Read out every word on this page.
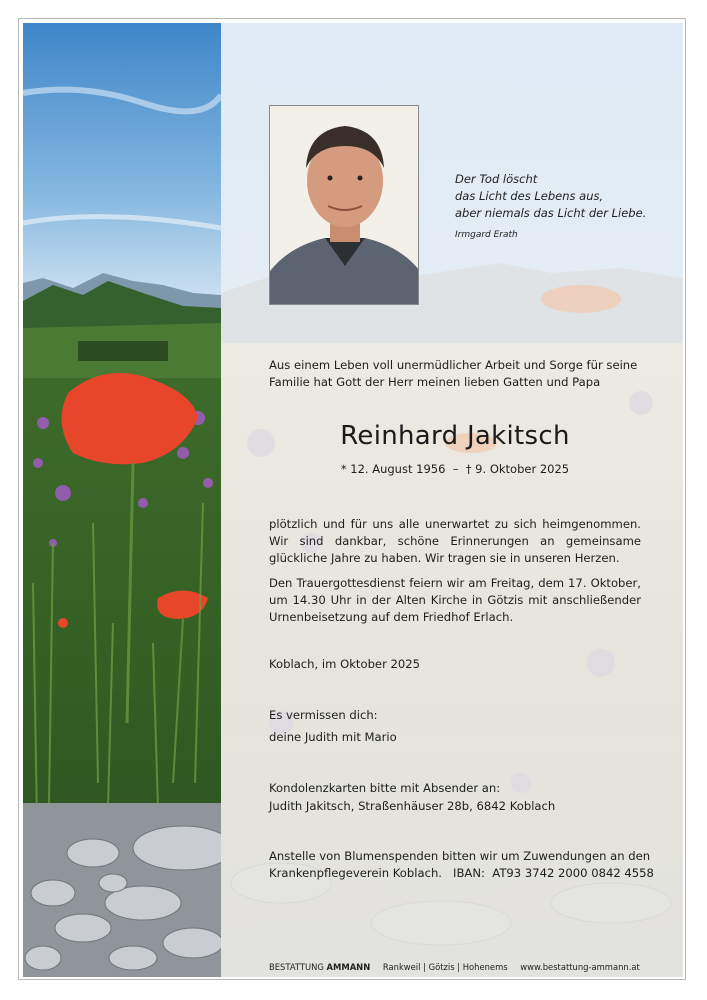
Der Tod löscht
das Licht des Lebens aus,
aber niemals das Licht der Liebe.
Irmgard Erath
Aus einem Leben voll unermüdlicher Arbeit und Sorge für seine
Familie hat Gott der Herr meinen lieben Gatten und Papa
Reinhard Jakitsch
* 12. August 1956 – † 9. Oktober 2025
plötzlich und für uns alle unerwartet zu sich heimgenommen. Wir sind dankbar, schöne Erinnerungen an gemeinsame glückliche Jahre zu haben. Wir tragen sie in unseren Herzen.
Den Trauergottesdienst feiern wir am Freitag, dem 17. Oktober, um 14.30 Uhr in der Alten Kirche in Götzis mit anschließender Urnenbeisetzung auf dem Friedhof Erlach.
Koblach, im Oktober 2025
Es vermissen dich:
deine Judith mit Mario
Kondolenzkarten bitte mit Absender an:
Judith Jakitsch, Straßenhäuser 28b, 6842 Koblach
Anstelle von Blumenspenden bitten wir um Zuwendungen an den
Krankenpflegeverein Koblach.   IBAN:  AT93 3742 2000 0842 4558
BESTATTUNG AMMANN Rankweil | Götzis | Hohenems www.bestattung-ammann.at
